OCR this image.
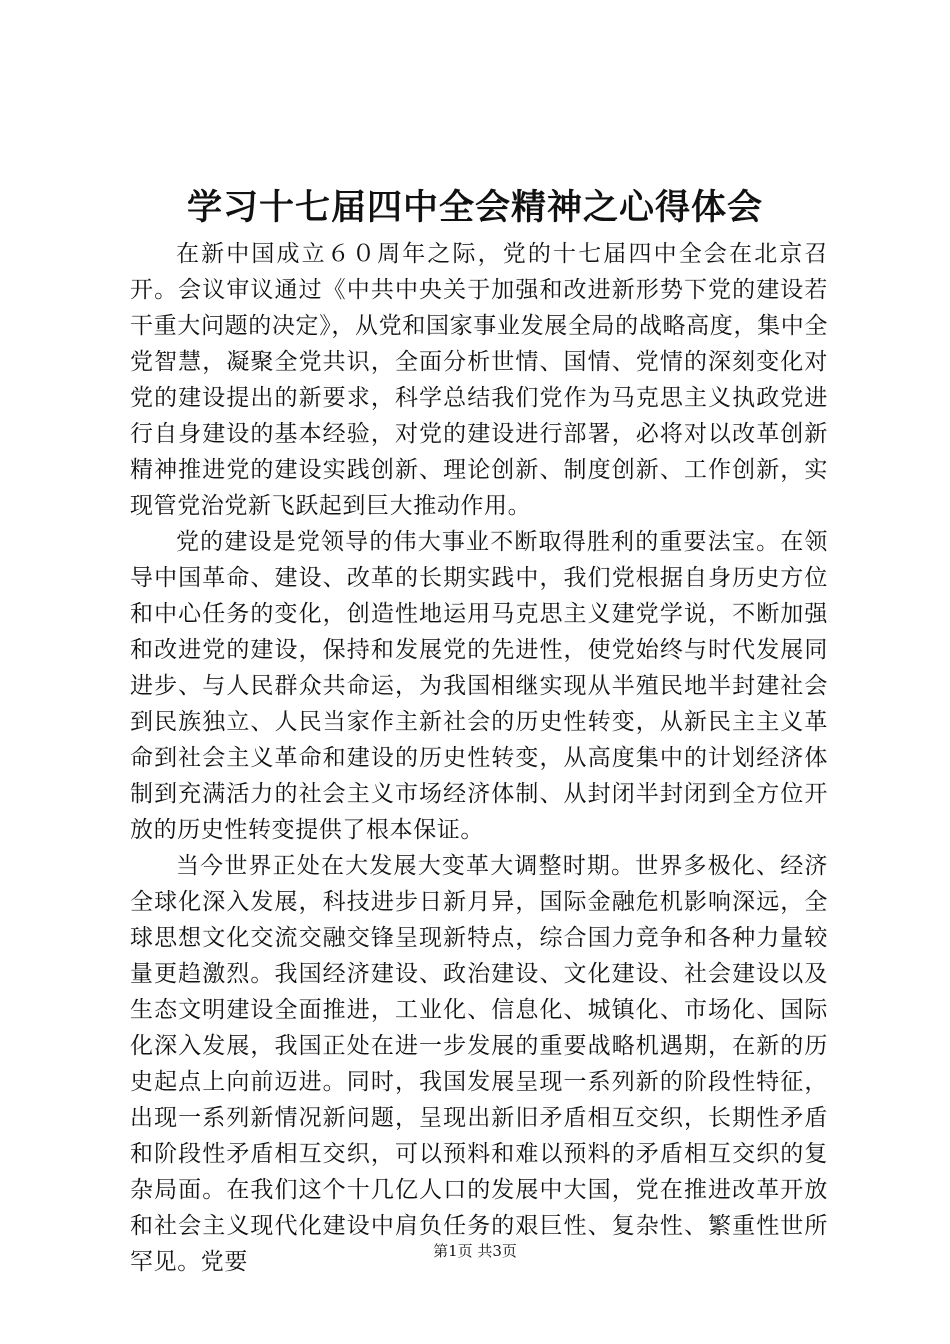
学习十七届四中全会精神之心得体会

在新中国成立６０周年之际，党的十七届四中全会在北京召开。会议审议通过《中共中央关于加强和改进新形势下党的建设若干重大问题的决定》，从党和国家事业发展全局的战略高度，集中全党智慧，凝聚全党共识，全面分析世情、国情、党情的深刻变化对党的建设提出的新要求，科学总结我们党作为马克思主义执政党进行自身建设的基本经验，对党的建设进行部署，必将对以改革创新精神推进党的建设实践创新、理论创新、制度创新、工作创新，实现管党治党新飞跃起到巨大推动作用。

党的建设是党领导的伟大事业不断取得胜利的重要法宝。在领导中国革命、建设、改革的长期实践中，我们党根据自身历史方位和中心任务的变化，创造性地运用马克思主义建党学说，不断加强和改进党的建设，保持和发展党的先进性，使党始终与时代发展同进步、与人民群众共命运，为我国相继实现从半殖民地半封建社会到民族独立、人民当家作主新社会的历史性转变，从新民主主义革命到社会主义革命和建设的历史性转变，从高度集中的计划经济体制到充满活力的社会主义市场经济体制、从封闭半封闭到全方位开放的历史性转变提供了根本保证。

当今世界正处在大发展大变革大调整时期。世界多极化、经济全球化深入发展，科技进步日新月异，国际金融危机影响深远，全球思想文化交流交融交锋呈现新特点，综合国力竞争和各种力量较量更趋激烈。我国经济建设、政治建设、文化建设、社会建设以及生态文明建设全面推进，工业化、信息化、城镇化、市场化、国际化深入发展，我国正处在进一步发展的重要战略机遇期，在新的历史起点上向前迈进。同时，我国发展呈现一系列新的阶段性特征，出现一系列新情况新问题，呈现出新旧矛盾相互交织，长期性矛盾和阶段性矛盾相互交织，可以预料和难以预料的矛盾相互交织的复杂局面。在我们这个十几亿人口的发展中大国，党在推进改革开放和社会主义现代化建设中肩负任务的艰巨性、复杂性、繁重性世所罕见。党要	第1页 共3页
